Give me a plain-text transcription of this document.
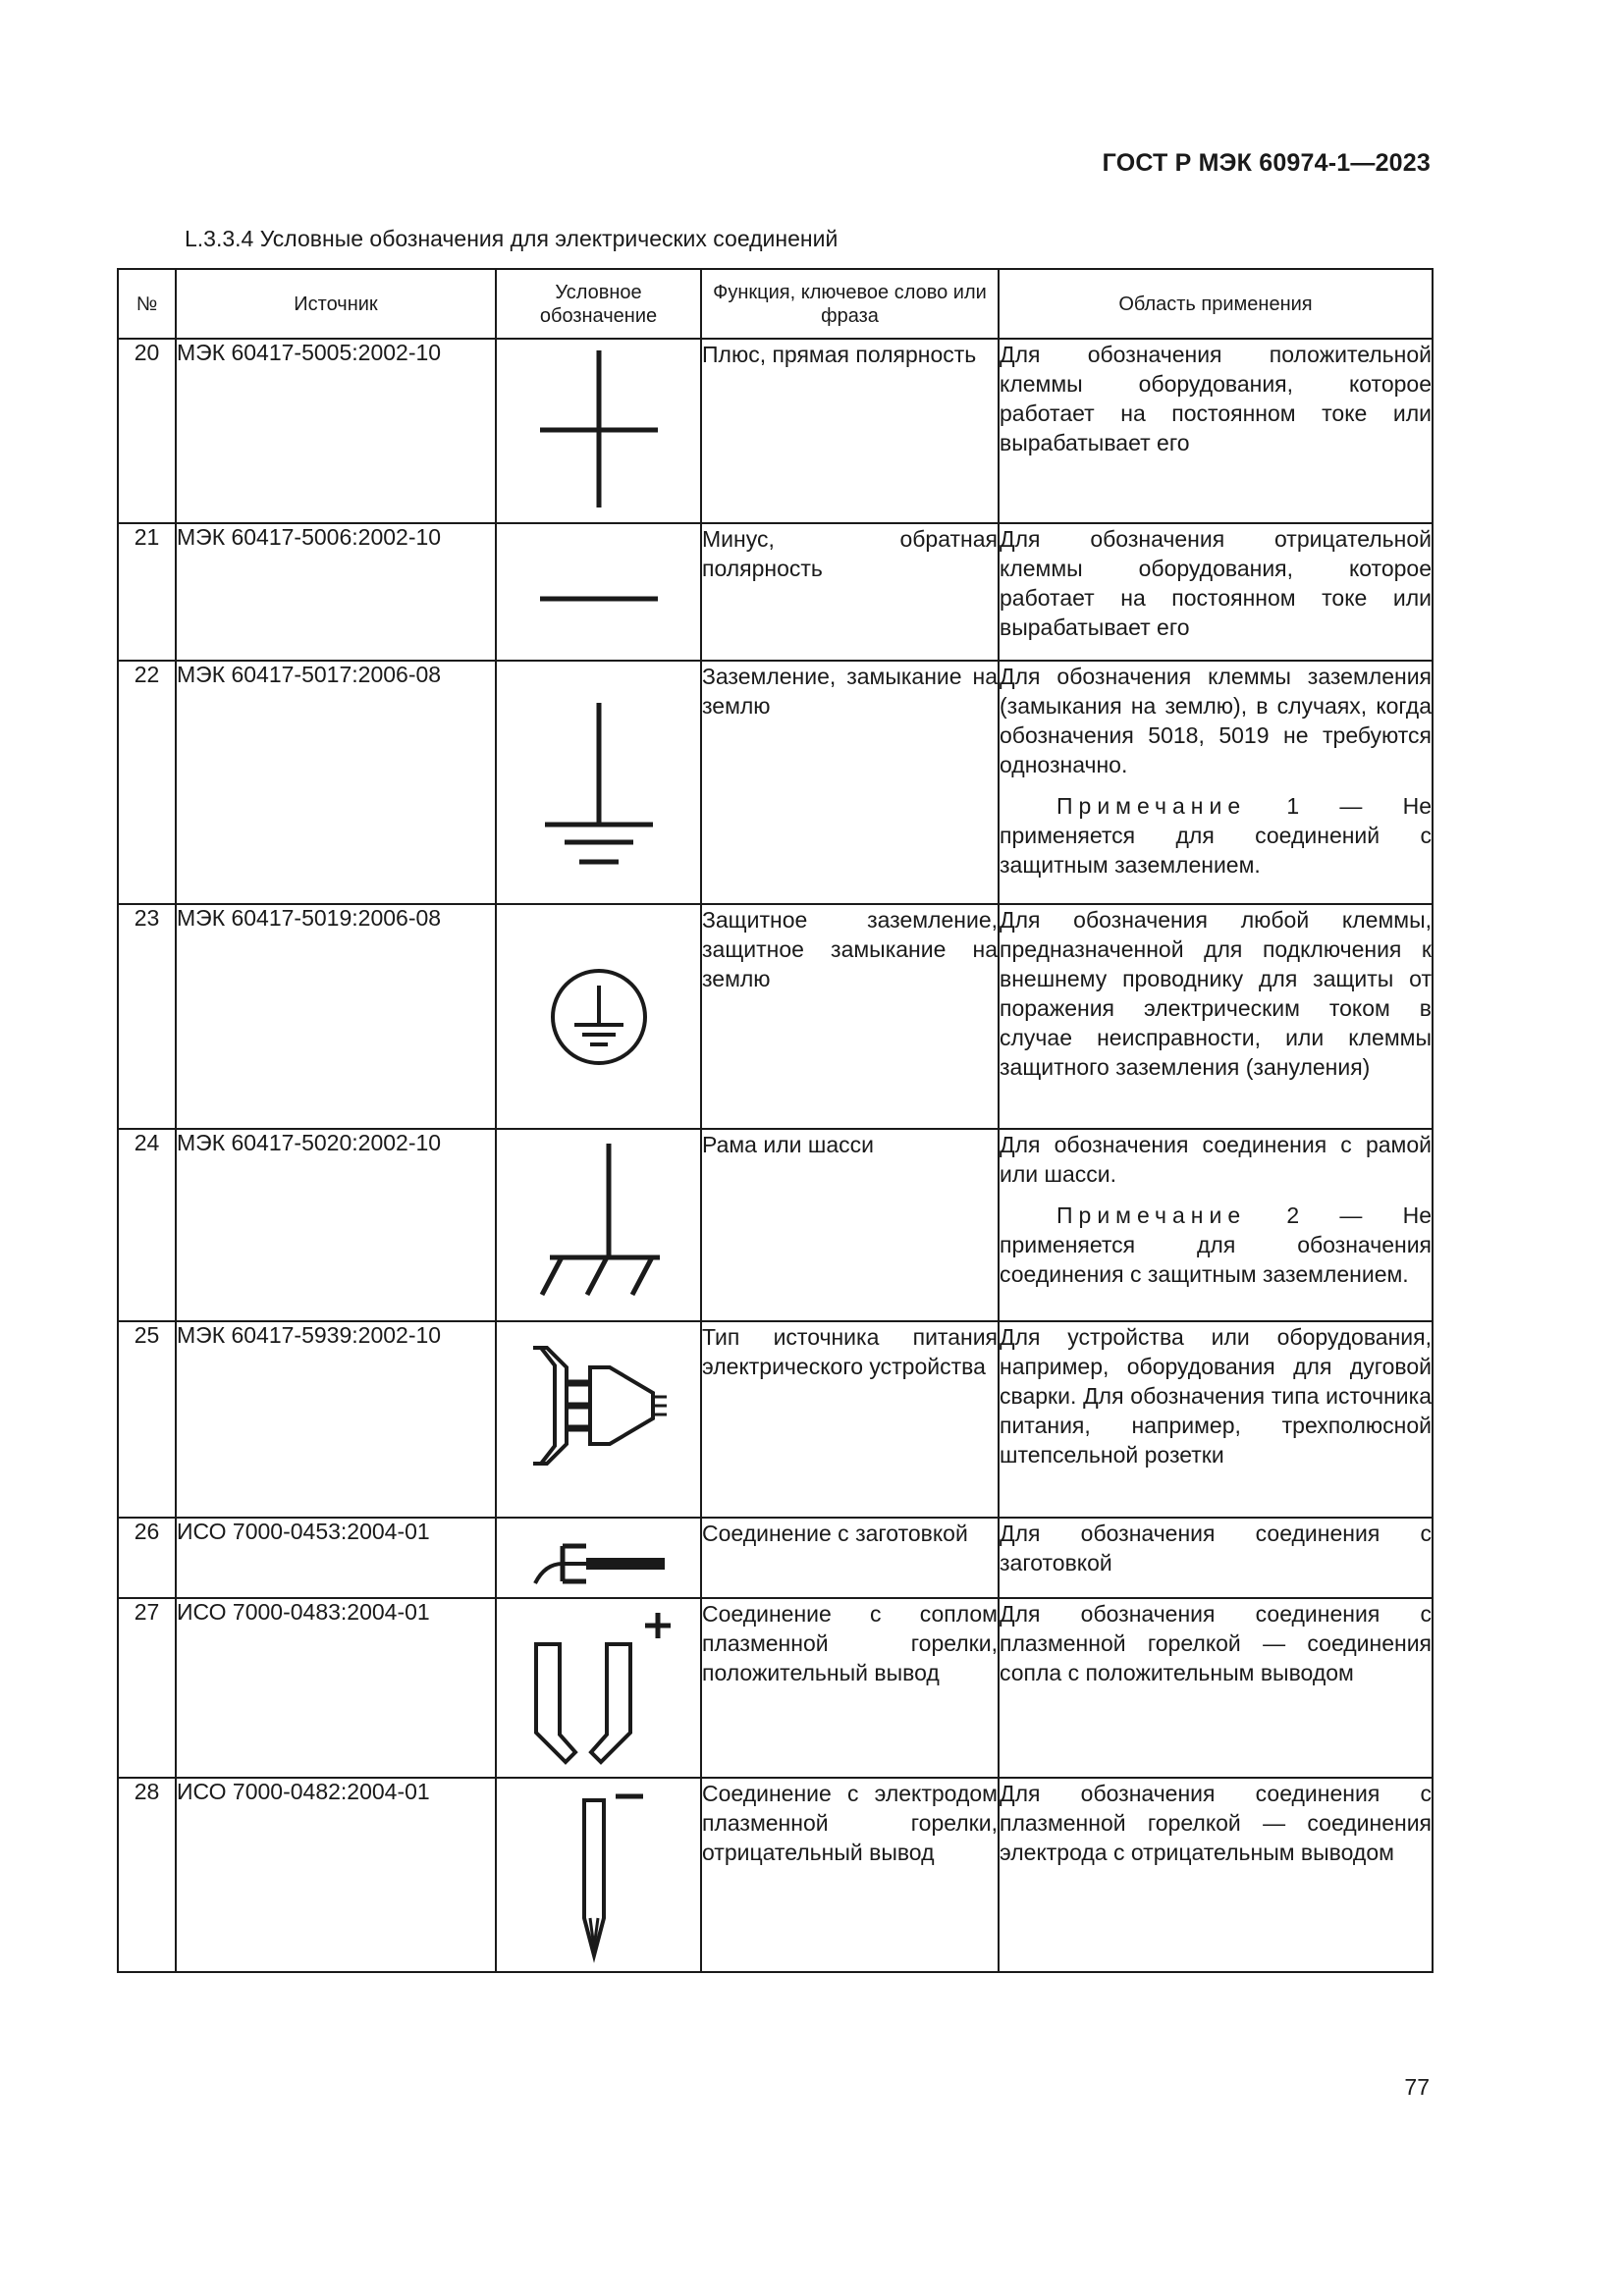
ГОСТ Р МЭК 60974-1—2023
L.3.3.4 Условные обозначения для электрических соединений
№	Источник	Условное обозначение	Функция, ключевое слово или фраза	Область применения
20	МЭК 60417-5005:2002-10		Плюс, прямая полярность	Для обозначения положительной клеммы оборудования, которое работает на постоянном токе или вырабатывает его
21	МЭК 60417-5006:2002-10		Минус, обратная полярность	Для обозначения отрицательной клеммы оборудования, которое работает на постоянном токе или вырабатывает его
22	МЭК 60417-5017:2006-08		Заземление, замыкание на землю	Для обозначения клеммы заземления (замыкания на землю), в случаях, когда обозначения 5018, 5019 не требуются однозначно.
Примечание 1 — Не применяется для соединений с защитным заземлением.

23	МЭК 60417-5019:2006-08		Защитное заземление, защитное замыкание на землю	Для обозначения любой клеммы, предназначенной для подключения к внешнему проводнику для защиты от поражения электрическим током в случае неисправности, или клеммы защитного заземления (зануления)
24	МЭК 60417-5020:2002-10		Рама или шасси	Для обозначения соединения с рамой или шасси.
Примечание 2 — Не применяется для обозначения соединения с защитным заземлением.

25	МЭК 60417-5939:2002-10		Тип источника питания электрического устройства	Для устройства или оборудования, например, оборудования для дуговой сварки. Для обозначения типа источника питания, например, трехполюсной штепсельной розетки
26	ИСО 7000-0453:2004-01		Соединение с заготовкой	Для обозначения соединения с заготовкой
27	ИСО 7000-0483:2004-01		Соединение с соплом плазменной горелки, положительный вывод	Для обозначения соединения с плазменной горелкой — соединения сопла с положительным выводом
28	ИСО 7000-0482:2004-01		Соединение с электродом плазменной горелки, отрицательный вывод	Для обозначения соединения с плазменной горелкой — соединения электрода с отрицательным выводом
77
